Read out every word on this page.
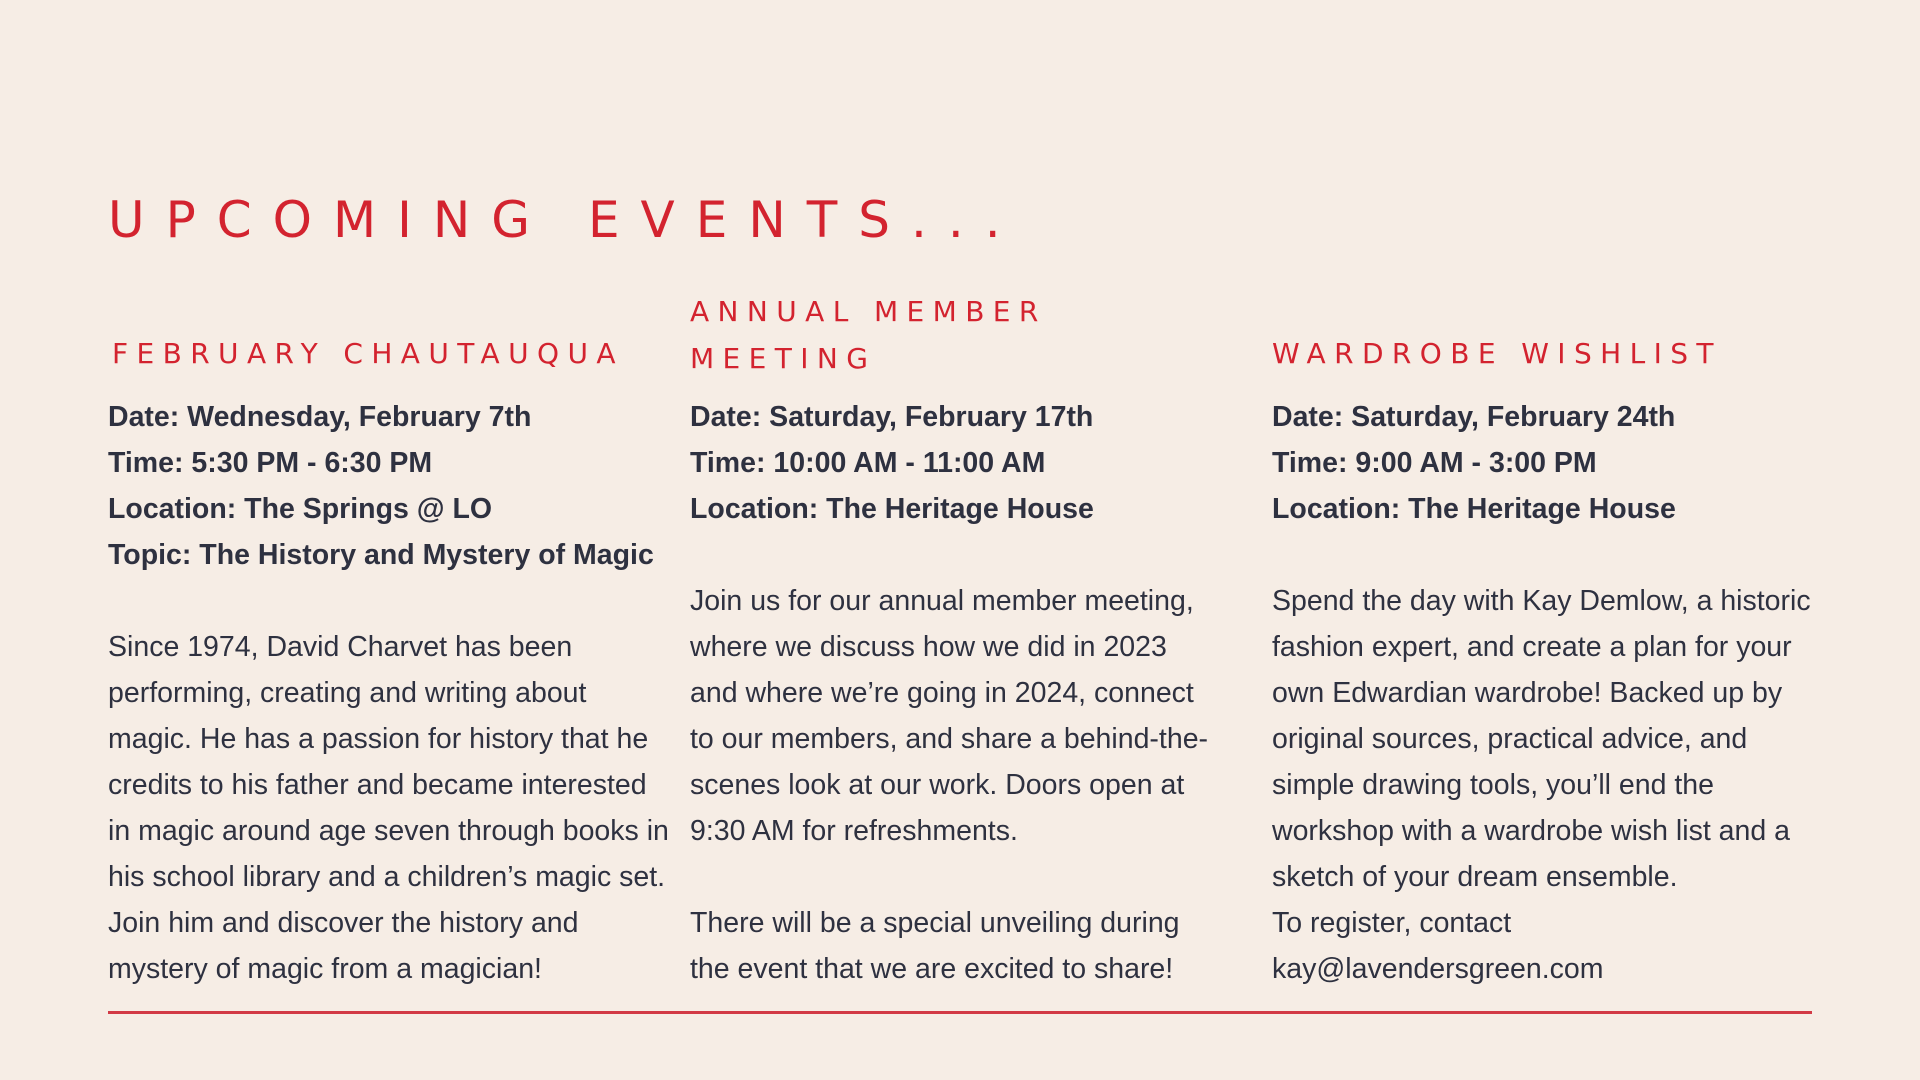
UPCOMING EVENTS...
FEBRUARY CHAUTAUQUA

Date: Wednesday, February 7th

Time: 5:30 PM - 6:30 PM

Location: The Springs @ LO

Topic: The History and Mystery of Magic

Since 1974, David Charvet has been

performing, creating and writing about

magic. He has a passion for history that he

credits to his father and became interested

in magic around age seven through books in

his school library and a children’s magic set.

Join him and discover the history and

mystery of magic from a magician!

ANNUAL MEMBER
MEETING

Date: Saturday, February 17th

Time: 10:00 AM - 11:00 AM

Location: The Heritage House

Join us for our annual member meeting,

where we discuss how we did in 2023

and where we’re going in 2024, connect

to our members, and share a behind-the-

scenes look at our work. Doors open at

9:30 AM for refreshments.

There will be a special unveiling during

the event that we are excited to share!

WARDROBE WISHLIST

Date: Saturday, February 24th

Time: 9:00 AM - 3:00 PM

Location: The Heritage House

Spend the day with Kay Demlow, a historic

fashion expert, and create a plan for your

own Edwardian wardrobe! Backed up by

original sources, practical advice, and

simple drawing tools, you’ll end the

workshop with a wardrobe wish list and a

sketch of your dream ensemble.

To register, contact

kay@lavendersgreen.com
